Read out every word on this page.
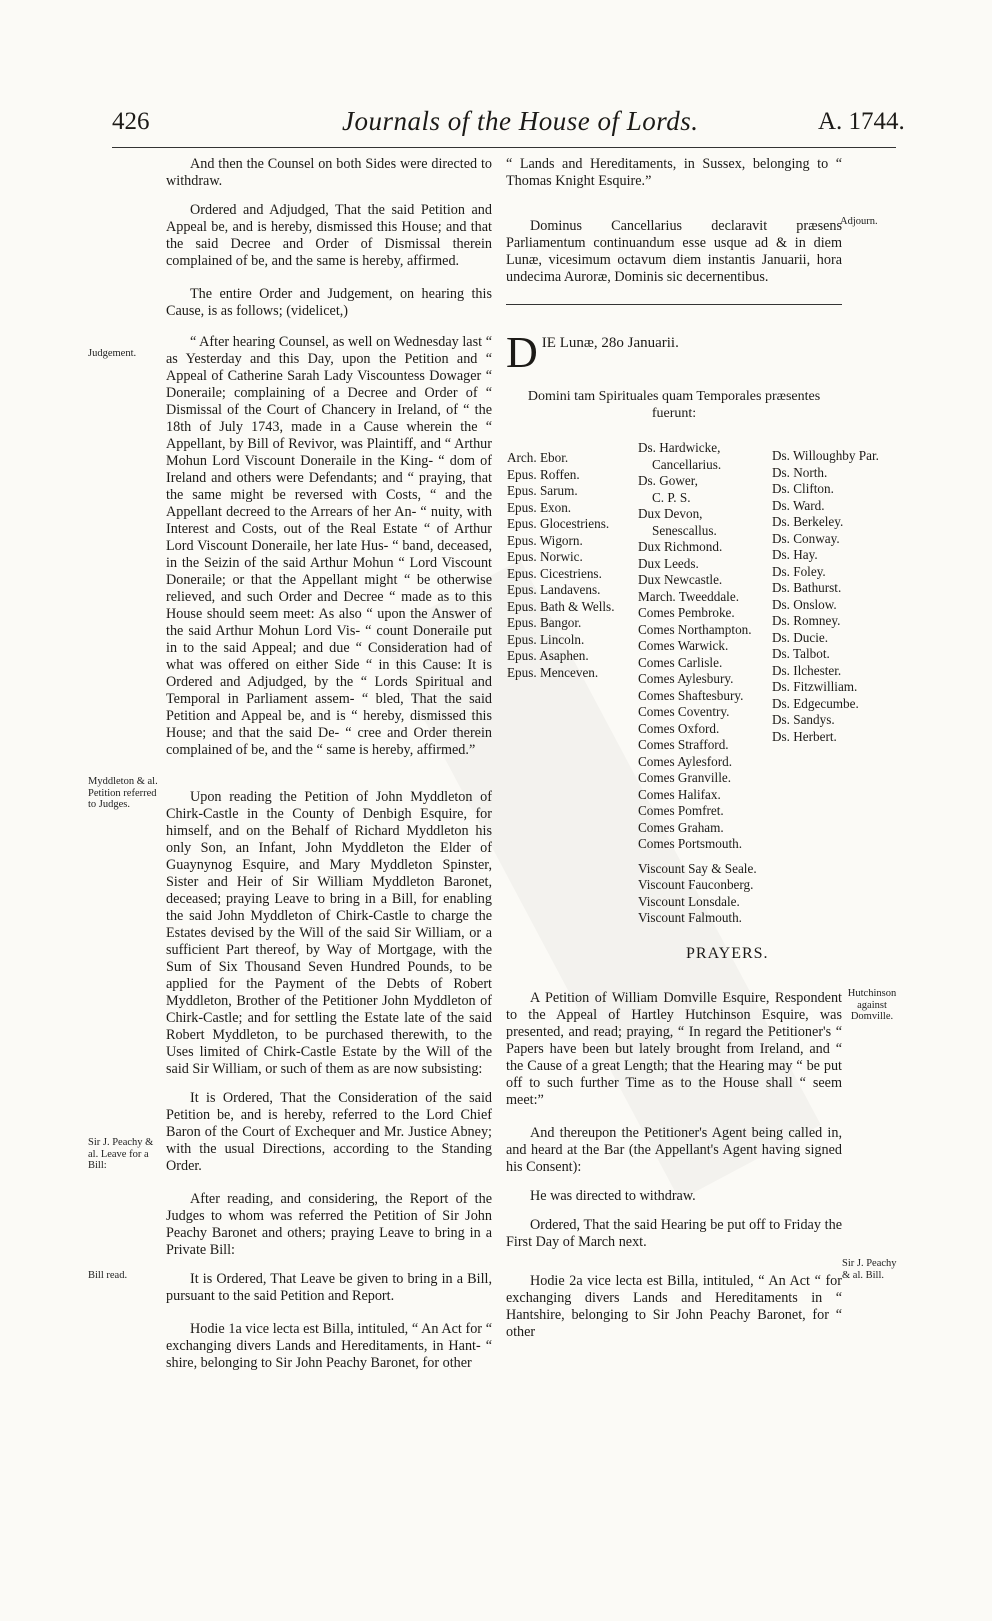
426	Journals of the House of Lords.	A. 1744.

And then the Counsel on both Sides were directed to withdraw.

Ordered and Adjudged, That the said Petition and Appeal be, and is hereby, dismissed this House; and that the said Decree and Order of Dismissal therein complained of be, and the same is hereby, affirmed.

The entire Order and Judgement, on hearing this Cause, is as follows; (videlicet,)

“ After hearing Counsel, as well on Wednesday last “ as Yesterday and this Day, upon the Petition and “ Appeal of Catherine Sarah Lady Viscountess Dowager “ Doneraile; complaining of a Decree and Order of “ Dismissal of the Court of Chancery in Ireland, of “ the 18th of July 1743, made in a Cause wherein the “ Appellant, by Bill of Revivor, was Plaintiff, and “ Arthur Mohun Lord Viscount Doneraile in the King- “ dom of Ireland and others were Defendants; and “ praying, that the same might be reversed with Costs, “ and the Appellant decreed to the Arrears of her An- “ nuity, with Interest and Costs, out of the Real Estate “ of Arthur Lord Viscount Doneraile, her late Hus- “ band, deceased, in the Seizin of the said Arthur Mohun “ Lord Viscount Doneraile; or that the Appellant might “ be otherwise relieved, and such Order and Decree “ made as to this House should seem meet: As also “ upon the Answer of the said Arthur Mohun Lord Vis- “ count Doneraile put in to the said Appeal; and due “ Consideration had of what was offered on either Side “ in this Cause: It is Ordered and Adjudged, by the “ Lords Spiritual and Temporal in Parliament assem- “ bled, That the said Petition and Appeal be, and is “ hereby, dismissed this House; and that the said De- “ cree and Order therein complained of be, and the “ same is hereby, affirmed.”

Upon reading the Petition of John Myddleton of Chirk-Castle in the County of Denbigh Esquire, for himself, and on the Behalf of Richard Myddleton his only Son, an Infant, John Myddleton the Elder of Guaynynog Esquire, and Mary Myddleton Spinster, Sister and Heir of Sir William Myddleton Baronet, deceased; praying Leave to bring in a Bill, for enabling the said John Myddleton of Chirk-Castle to charge the Estates devised by the Will of the said Sir William, or a sufficient Part thereof, by Way of Mortgage, with the Sum of Six Thousand Seven Hundred Pounds, to be applied for the Payment of the Debts of Robert Myddleton, Brother of the Petitioner John Myddleton of Chirk-Castle; and for settling the Estate late of the said Robert Myddleton, to be purchased therewith, to the Uses limited of Chirk-Castle Estate by the Will of the said Sir William, or such of them as are now subsisting:

It is Ordered, That the Consideration of the said Petition be, and is hereby, referred to the Lord Chief Baron of the Court of Exchequer and Mr. Justice Abney; with the usual Directions, according to the Standing Order.

After reading, and considering, the Report of the Judges to whom was referred the Petition of Sir John Peachy Baronet and others; praying Leave to bring in a Private Bill:

It is Ordered, That Leave be given to bring in a Bill, pursuant to the said Petition and Report.

Hodie 1a vice lecta est Billa, intituled, “ An Act for “ exchanging divers Lands and Hereditaments, in Hant- “ shire, belonging to Sir John Peachy Baronet, for other

Judgement.
Myddleton & al. Petition referred to Judges.
Sir J. Peachy & al. Leave for a Bill:
Bill read.

“ Lands and Hereditaments, in Sussex, belonging to “ Thomas Knight Esquire.”

Dominus Cancellarius declaravit præsens Parliamentum continuandum esse usque ad & in diem Lunæ, vicesimum octavum diem instantis Januarii, hora undecima Auroræ, Dominis sic decernentibus.

Adjourn.
D IE Lunæ, 28o Januarii.
Domini tam Spirituales quam Temporales præsentes fuerunt:
Arch. Ebor.
Epus. Roffen.
Epus. Sarum.
Epus. Exon.
Epus. Glocestriens.
Epus. Wigorn.
Epus. Norwic.
Epus. Cicestriens.
Epus. Landavens.
Epus. Bath & Wells.
Epus. Bangor.
Epus. Lincoln.
Epus. Asaphen.
Epus. Menceven.
Ds. Hardwicke,
Cancellarius.
Ds. Gower,
C. P. S.
Dux Devon,
Senescallus.
Dux Richmond.
Dux Leeds.
Dux Newcastle.
March. Tweeddale.
Comes Pembroke.
Comes Northampton.
Comes Warwick.
Comes Carlisle.
Comes Aylesbury.
Comes Shaftesbury.
Comes Coventry.
Comes Oxford.
Comes Strafford.
Comes Aylesford.
Comes Granville.
Comes Halifax.
Comes Pomfret.
Comes Graham.
Comes Portsmouth.
Viscount Say & Seale.
Viscount Fauconberg.
Viscount Lonsdale.
Viscount Falmouth.
Ds. Willoughby Par.
Ds. North.
Ds. Clifton.
Ds. Ward.
Ds. Berkeley.
Ds. Conway.
Ds. Hay.
Ds. Foley.
Ds. Bathurst.
Ds. Onslow.
Ds. Romney.
Ds. Ducie.
Ds. Talbot.
Ds. Ilchester.
Ds. Fitzwilliam.
Ds. Edgecumbe.
Ds. Sandys.
Ds. Herbert.
PRAYERS.

A Petition of William Domville Esquire, Respondent to the Appeal of Hartley Hutchinson Esquire, was presented, and read; praying, “ In regard the Petitioner's “ Papers have been but lately brought from Ireland, and “ the Cause of a great Length; that the Hearing may “ be put off to such further Time as to the House shall “ seem meet:”

And thereupon the Petitioner's Agent being called in, and heard at the Bar (the Appellant's Agent having signed his Consent):

He was directed to withdraw.

Ordered, That the said Hearing be put off to Friday the First Day of March next.

Hodie 2a vice lecta est Billa, intituled, “ An Act “ for exchanging divers Lands and Hereditaments in “ Hantshire, belonging to Sir John Peachy Baronet, for “ other

Hutchinson against Domville.
Sir J. Peachy & al. Bill.
